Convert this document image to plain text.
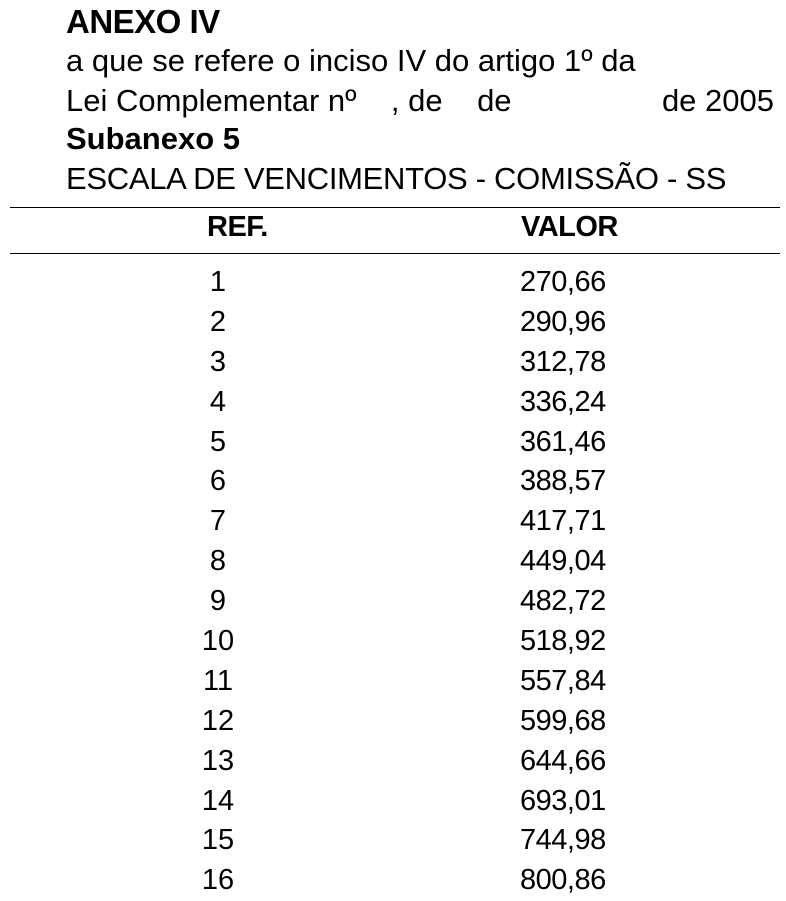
ANEXO IV
a que se refere o inciso IV do artigo 1º da
Lei Complementar nº    , de    de	de 2005
Subanexo 5
ESCALA DE VENCIMENTOS - COMISSÃO - SS
REF.	VALOR
1	270,66
2	290,96
3	312,78
4	336,24
5	361,46
6	388,57
7	417,71
8	449,04
9	482,72
10	518,92
11	557,84
12	599,68
13	644,66
14	693,01
15	744,98
16	800,86
